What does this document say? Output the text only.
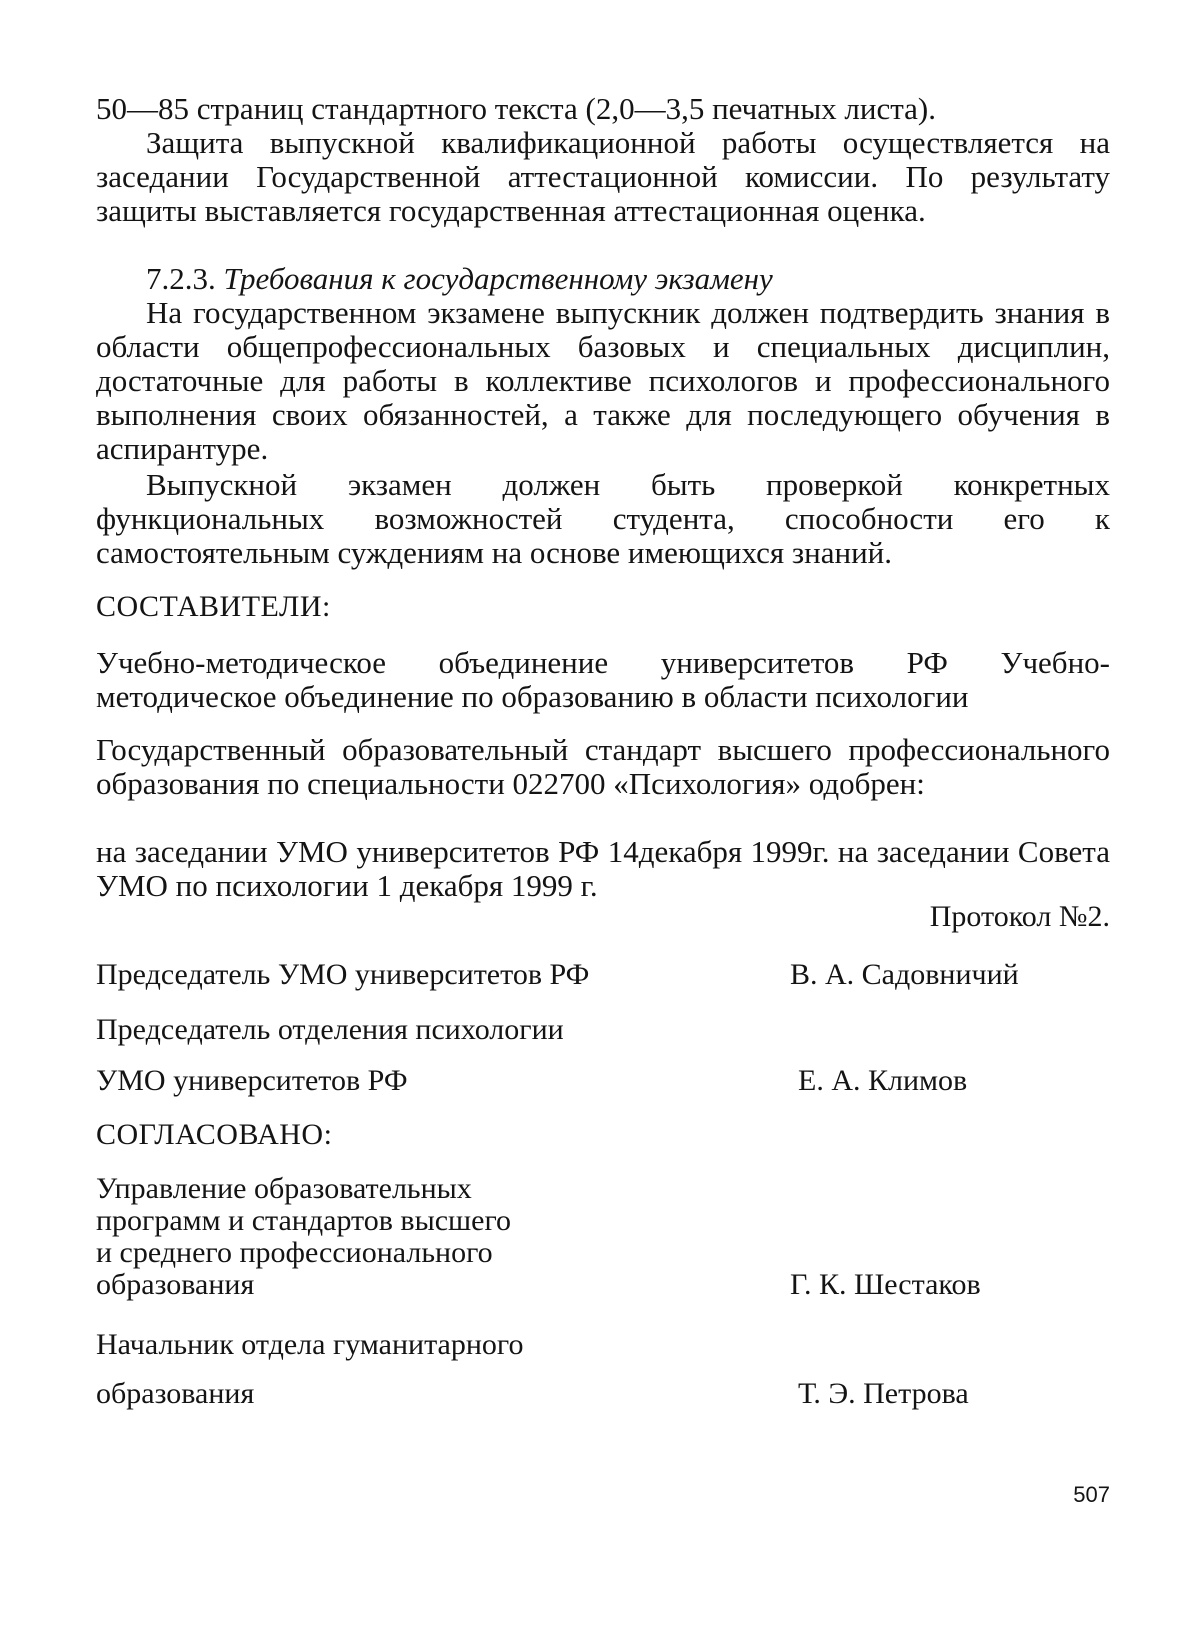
50—85 страниц стандартного текста (2,0—3,5 печатных листа).

Защита выпускной квалификационной работы осуществляется на заседании Государственной аттестационной комиссии. По результату защиты выставляется государственная аттестационная оценка.

7.2.3. Требования к государственному экзамену

На государственном экзамене выпускник должен подтвердить знания в области общепрофессиональных базовых и специальных дисциплин, достаточные для работы в коллективе психологов и профессионального выполнения своих обязанностей, а также для последующего обучения в аспирантуре.

Выпускной экзамен должен быть проверкой конкретных функциональных возможностей студента, способности его к самостоятельным суждениям на основе имеющихся знаний.

СОСТАВИТЕЛИ:

Учебно-методическое объединение университетов РФ Учебно-методическое объединение по образованию в области психологии

Государственный образовательный стандарт высшего профессионального образования по специальности 022700 «Психология» одобрен:

на заседании УМО университетов РФ 14декабря 1999г. на заседании Совета УМО по психологии 1 декабря 1999 г.

Протокол №2.

Председатель УМО университетов РФ	В. А. Садовничий

Председатель отделения психологии

УМО университетов РФ	Е. А. Климов

СОГЛАСОВАНО:

Управление образовательных

программ и стандартов высшего

и среднего профессионального

образования	Г. К. Шестаков

Начальник отдела гуманитарного

образования	Т. Э. Петрова
507
